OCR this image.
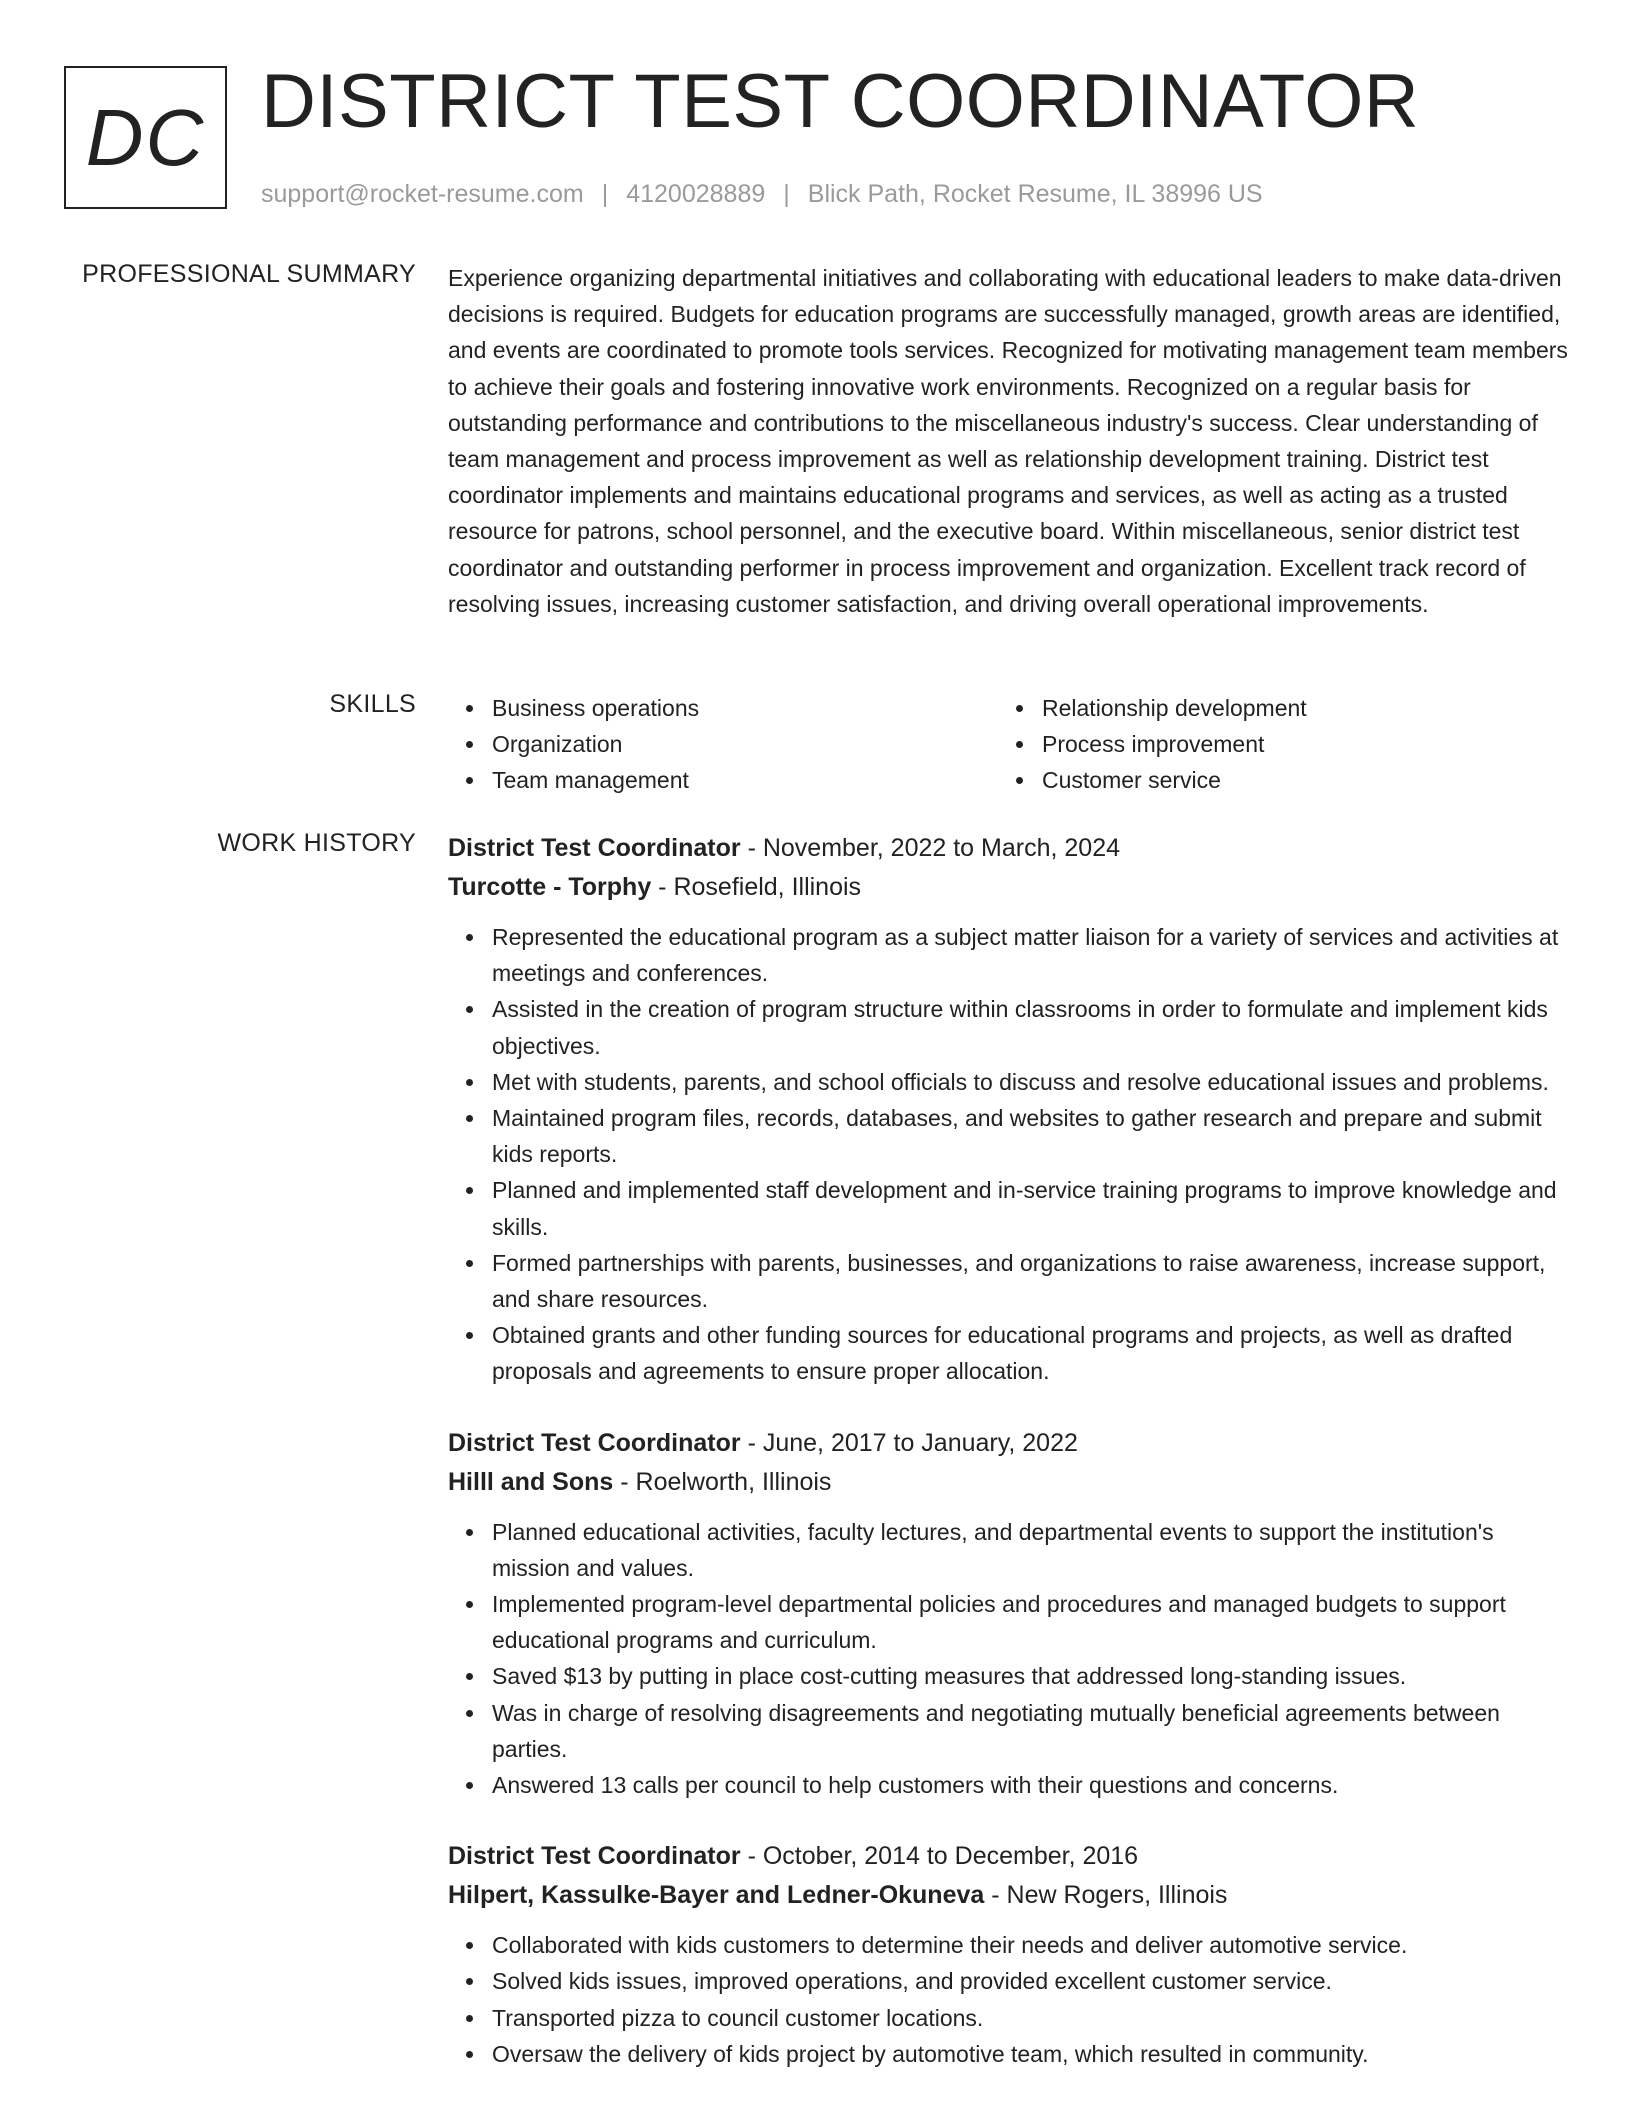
DC DISTRICT TEST COORDINATOR
support@rocket-resume.com | 4120028889 | Blick Path, Rocket Resume, IL 38996 US
PROFESSIONAL SUMMARY Experience organizing departmental initiatives and collaborating with educational leaders to make data-driven decisions is required. Budgets for education programs are successfully managed, growth areas are identified, and events are coordinated to promote tools services. Recognized for motivating management team members to achieve their goals and fostering innovative work environments. Recognized on a regular basis for outstanding performance and contributions to the miscellaneous industry's success. Clear understanding of team management and process improvement as well as relationship development training. District test coordinator implements and maintains educational programs and services, as well as acting as a trusted resource for patrons, school personnel, and the executive board. Within miscellaneous, senior district test coordinator and outstanding performer in process improvement and organization. Excellent track record of resolving issues, increasing customer satisfaction, and driving overall operational improvements.
SKILLS	Business operations
Organization
Team management
Relationship development
Process improvement
Customer service
WORK HISTORY District Test Coordinator - November, 2022 to March, 2024
Turcotte - Torphy - Rosefield, Illinois
Represented the educational program as a subject matter liaison for a variety of services and activities at meetings and conferences.
Assisted in the creation of program structure within classrooms in order to formulate and implement kids objectives.
Met with students, parents, and school officials to discuss and resolve educational issues and problems.
Maintained program files, records, databases, and websites to gather research and prepare and submit kids reports.
Planned and implemented staff development and in-service training programs to improve knowledge and skills.
Formed partnerships with parents, businesses, and organizations to raise awareness, increase support, and share resources.
Obtained grants and other funding sources for educational programs and projects, as well as drafted proposals and agreements to ensure proper allocation.
District Test Coordinator - June, 2017 to January, 2022
Hilll and Sons - Roelworth, Illinois
Planned educational activities, faculty lectures, and departmental events to support the institution's mission and values.
Implemented program-level departmental policies and procedures and managed budgets to support educational programs and curriculum.
Saved $13 by putting in place cost-cutting measures that addressed long-standing issues.
Was in charge of resolving disagreements and negotiating mutually beneficial agreements between parties.
Answered 13 calls per council to help customers with their questions and concerns.
District Test Coordinator - October, 2014 to December, 2016
Hilpert, Kassulke-Bayer and Ledner-Okuneva - New Rogers, Illinois
Collaborated with kids customers to determine their needs and deliver automotive service.
Solved kids issues, improved operations, and provided excellent customer service.
Transported pizza to council customer locations.
Oversaw the delivery of kids project by automotive team, which resulted in community.
